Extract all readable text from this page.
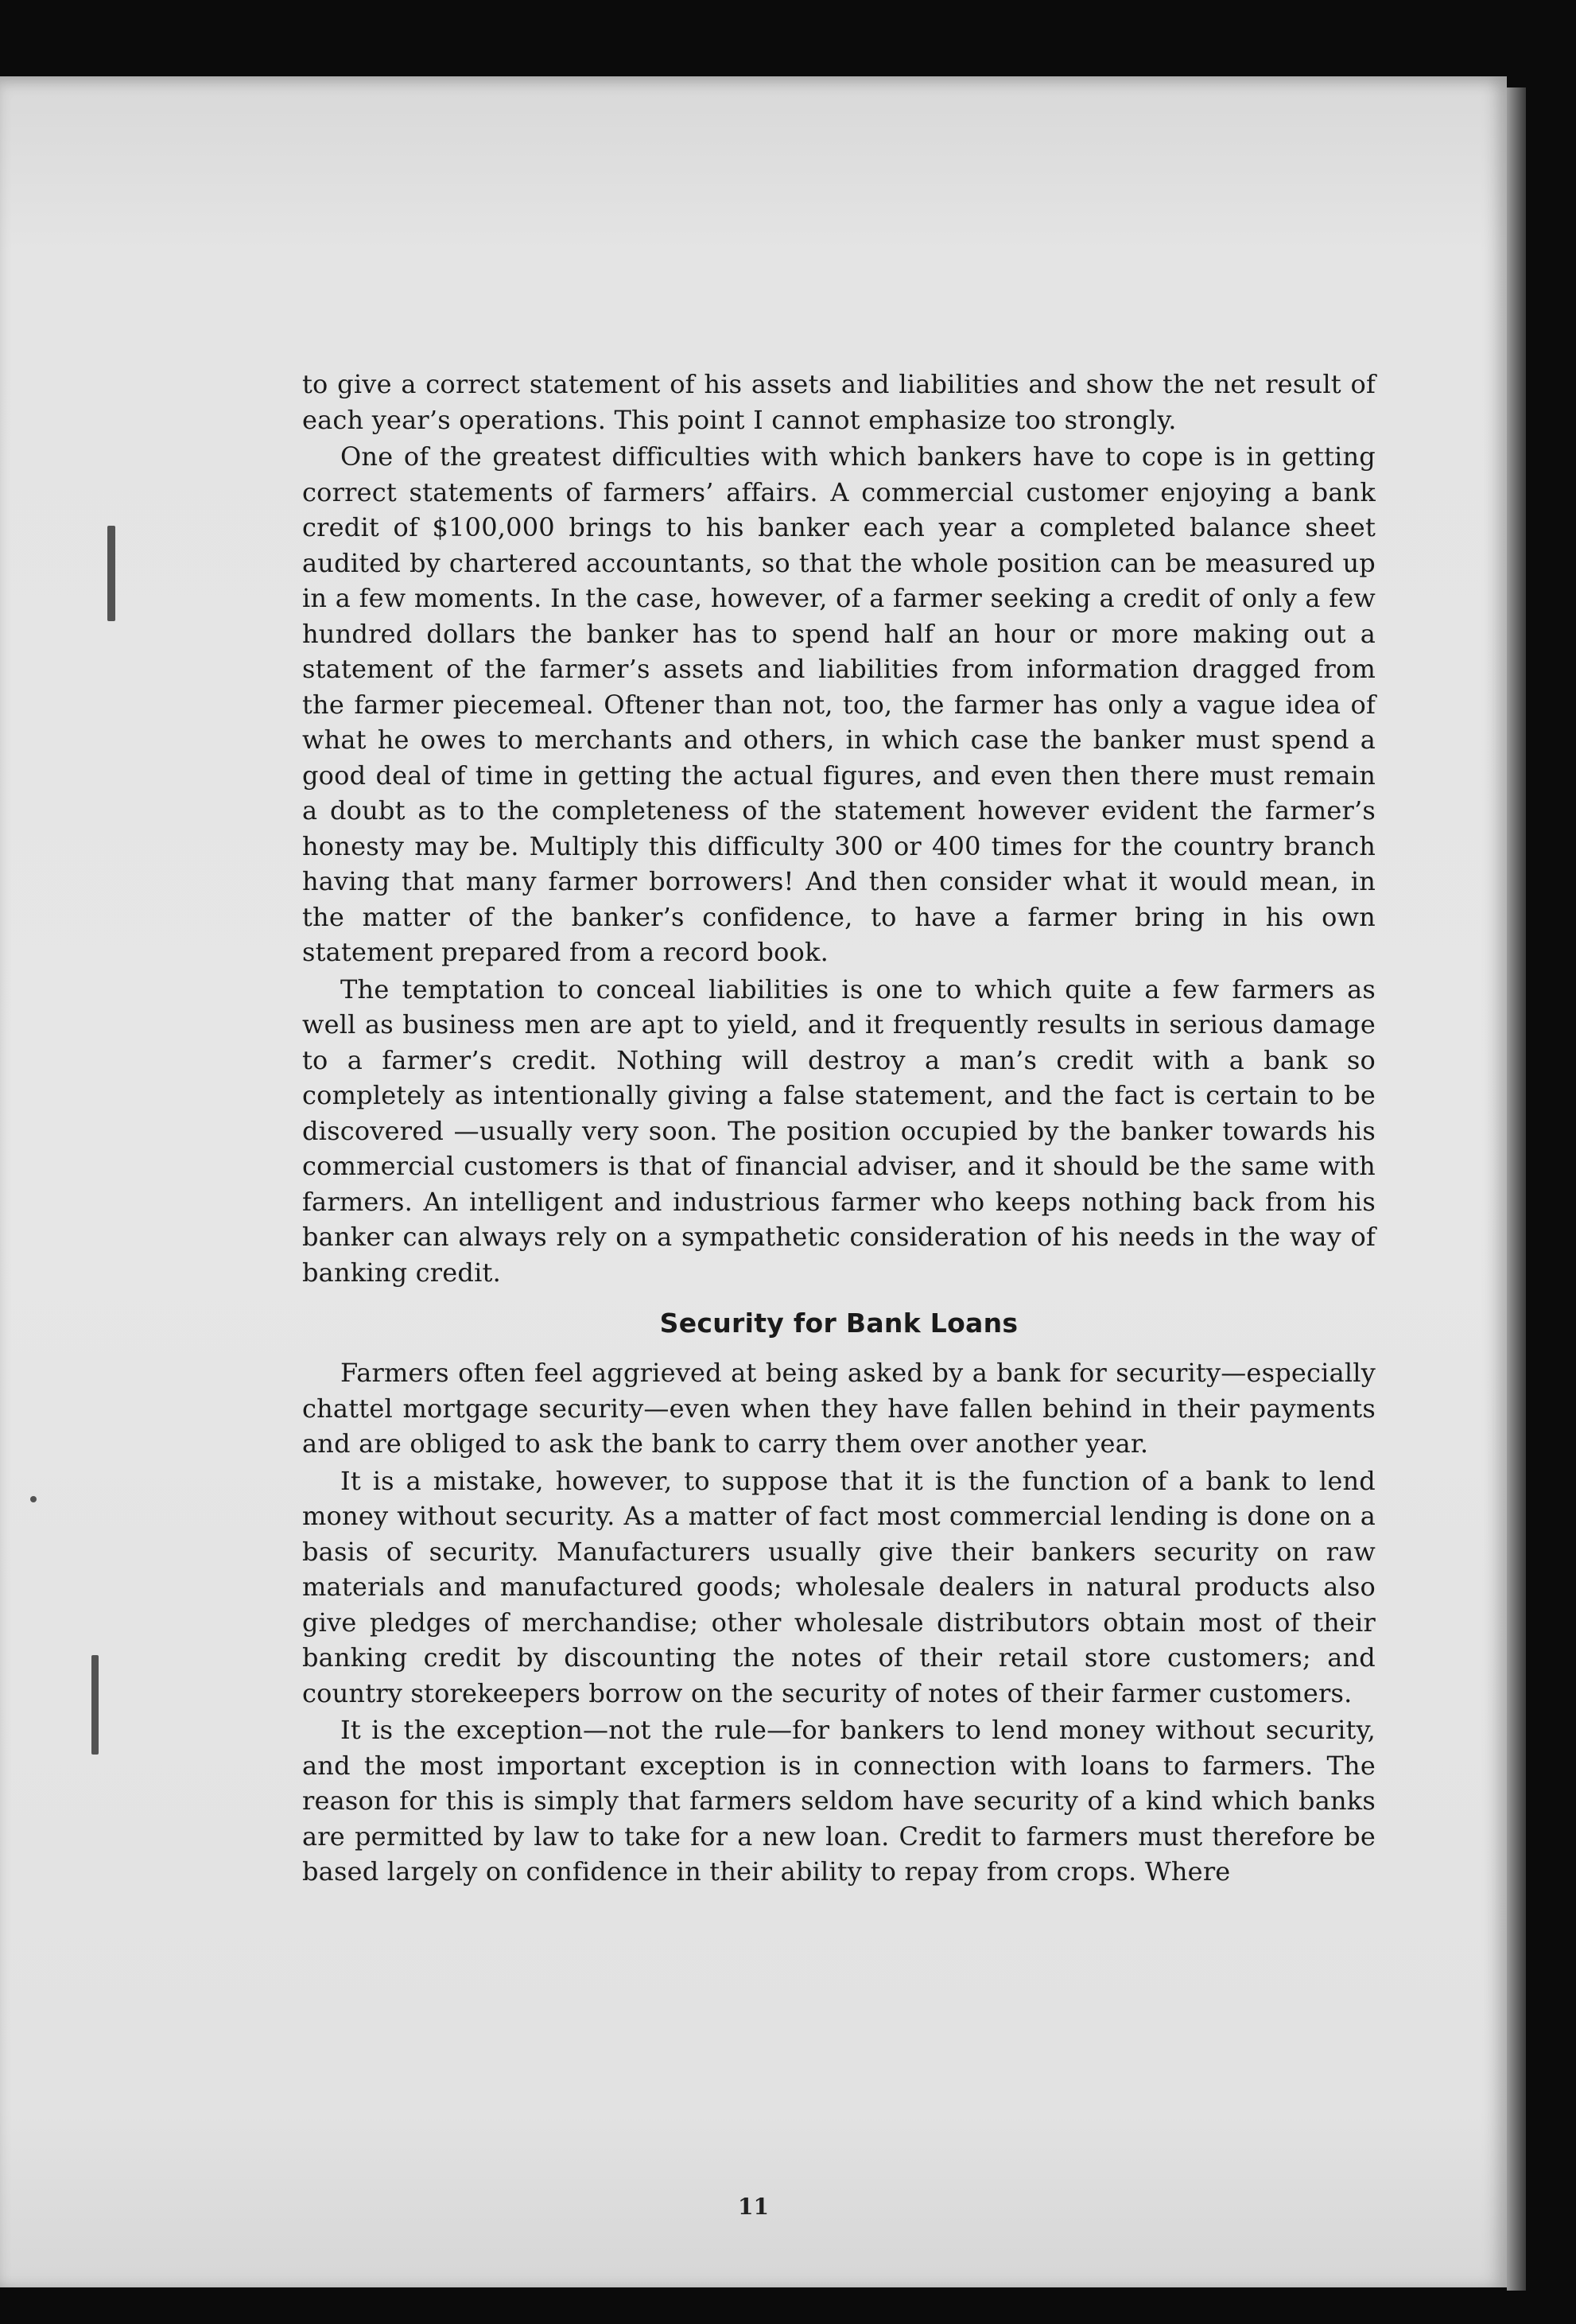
to give a correct statement of his assets and liabilities and show the net result of each year’s operations. This point I cannot emphasize too strongly.

One of the greatest difficulties with which bankers have to cope is in getting correct statements of farmers’ affairs. A commercial customer enjoying a bank credit of $100,000 brings to his banker each year a completed balance sheet audited by chartered accountants, so that the whole position can be measured up in a few moments. In the case, however, of a farmer seeking a credit of only a few hundred dollars the banker has to spend half an hour or more making out a statement of the farmer’s assets and liabilities from information dragged from the farmer piecemeal. Oftener than not, too, the farmer has only a vague idea of what he owes to merchants and others, in which case the banker must spend a good deal of time in getting the actual figures, and even then there must remain a doubt as to the completeness of the statement however evident the farmer’s honesty may be. Multiply this difficulty 300 or 400 times for the country branch having that many farmer borrowers! And then consider what it would mean, in the matter of the banker’s confidence, to have a farmer bring in his own statement prepared from a record book.

The temptation to conceal liabilities is one to which quite a few farmers as well as business men are apt to yield, and it frequently results in serious damage to a farmer’s credit. Nothing will destroy a man’s credit with a bank so completely as intentionally giving a false statement, and the fact is certain to be discovered —usually very soon. The position occupied by the banker towards his commercial customers is that of financial adviser, and it should be the same with farmers. An intelligent and industrious farmer who keeps nothing back from his banker can always rely on a sympathetic consideration of his needs in the way of banking credit.

Security for Bank Loans

Farmers often feel aggrieved at being asked by a bank for security—especially chattel mortgage security—even when they have fallen behind in their payments and are obliged to ask the bank to carry them over another year.

It is a mistake, however, to suppose that it is the function of a bank to lend money without security. As a matter of fact most commercial lending is done on a basis of security. Manufacturers usually give their bankers security on raw materials and manufactured goods; wholesale dealers in natural products also give pledges of merchandise; other wholesale distributors obtain most of their banking credit by discounting the notes of their retail store customers; and country storekeepers borrow on the security of notes of their farmer customers.

It is the exception—not the rule—for bankers to lend money without security, and the most important exception is in connection with loans to farmers. The reason for this is simply that farmers seldom have security of a kind which banks are permitted by law to take for a new loan. Credit to farmers must therefore be based largely on confidence in their ability to repay from crops. Where

11
